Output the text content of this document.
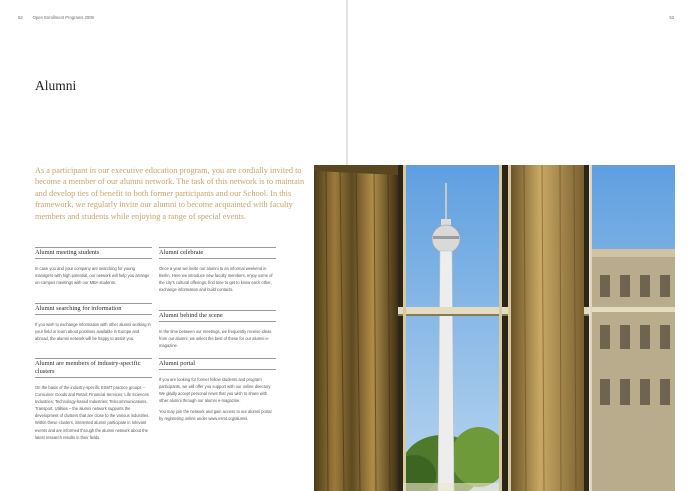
52 Open Enrollment Programs 2008
Alumni

As a participant in our executive education program, you are cordially invited to become a member of our alumni network. The task of this network is to maintain and develop ties of benefit to both former participants and our School. In this framework, we regularly invite our alumni to become acquainted with faculty members and students while enjoying a range of special events.

Alumni meeting students

In case you and your company are searching for young managers with high potential, our network will help you arrange on-campus meetings with our MBA students.

Alumni searching for information

If you wish to exchange information with other alumni working in your field or learn about positions available in Europe and abroad, the alumni network will be happy to assist you.

Alumni are members of industry-specific clusters

On the basis of the industry-specific ESMT practice groups – Consumer Goods and Retail; Financial Services; Life Sciences Industries; Technology-based Industries; Telecommunications, Transport, Utilities – the alumni network supports the development of clusters that are close to the various industries. Within these clusters, interested alumni participate in relevant events and are informed through the alumni network about the latest research results in their fields.

Alumni celebrate

Once a year we invite our alumni to an informal weekend in Berlin. Here we introduce new faculty members, enjoy some of the city's cultural offerings, find time to get to know each other, exchange information and build contacts.

Alumni behind the scene

In the time between our meetings, we frequently receive ideas from our alumni; we select the best of these for our alumni e-magazine.

Alumni portal

If you are looking for former fellow students and program participants, we will offer you support with our online directory. We gladly accept personal news that you wish to share with other alumni through our alumni e-magazine.

You may join the network and gain access to our alumni portal by registering online under www.esmt.org/alumni.

53
